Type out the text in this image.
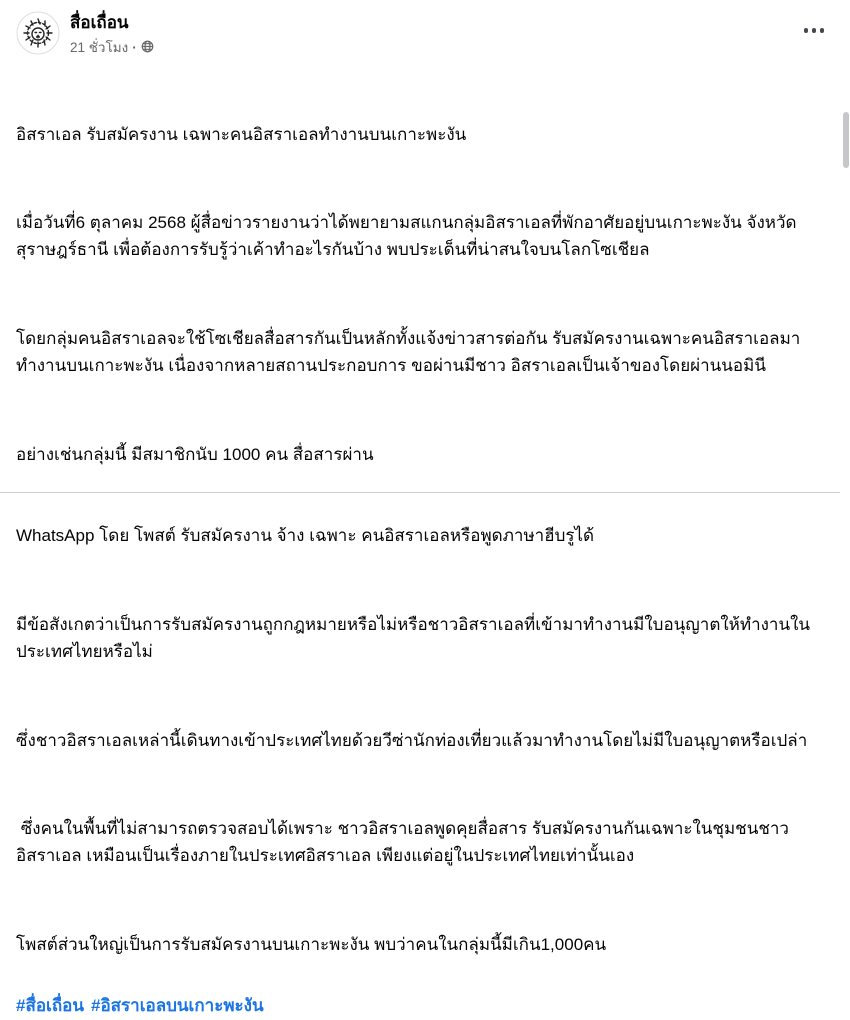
สื่อเถื่อน
21 ชั่วโมง ·

อิสราเอล รับสมัครงาน เฉพาะคนอิสราเอลทำงานบนเกาะพะงัน

เมื่อวันที่6 ตุลาคม 2568 ผู้สื่อข่าวรายงานว่าได้พยายามสแกนกลุ่มอิสราเอลที่พักอาศัยอยู่บนเกาะพะงัน จังหวัดสุราษฎร์ธานี เพื่อต้องการรับรู้ว่าเค้าทำอะไรกันบ้าง พบประเด็นที่น่าสนใจบนโลกโซเชียล

โดยกลุ่มคนอิสราเอลจะใช้โซเชียลสื่อสารกันเป็นหลักทั้งแจ้งข่าวสารต่อกัน รับสมัครงานเฉพาะคนอิสราเอลมาทำงานบนเกาะพะงัน เนื่องจากหลายสถานประกอบการ ขอผ่านมีชาว อิสราเอลเป็นเจ้าของโดยผ่านนอมินี

อย่างเช่นกลุ่มนี้ มีสมาชิกนับ 1000 คน สื่อสารผ่าน

WhatsApp โดย โพสต์ รับสมัครงาน จ้าง เฉพาะ คนอิสราเอลหรือพูดภาษาฮีบรูได้

มีข้อสังเกตว่าเป็นการรับสมัครงานถูกกฎหมายหรือไม่หรือชาวอิสราเอลที่เข้ามาทำงานมีใบอนุญาตให้ทำงานในประเทศไทยหรือไม่

ซึ่งชาวอิสราเอลเหล่านี้เดินทางเข้าประเทศไทยด้วยวีซ่านักท่องเที่ยวแล้วมาทำงานโดยไม่มีใบอนุญาตหรือเปล่า

ซึ่งคนในพื้นที่ไม่สามารถตรวจสอบได้เพราะ ชาวอิสราเอลพูดคุยสื่อสาร รับสมัครงานกันเฉพาะในชุมชนชาวอิสราเอล เหมือนเป็นเรื่องภายในประเทศอิสราเอล เพียงแต่อยู่ในประเทศไทยเท่านั้นเอง

โพสต์ส่วนใหญ่เป็นการรับสมัครงานบนเกาะพะงัน พบว่าคนในกลุ่มนี้มีเกิน1,000คน

#สื่อเถื่อน #อิสราเอลบนเกาะพะงัน
